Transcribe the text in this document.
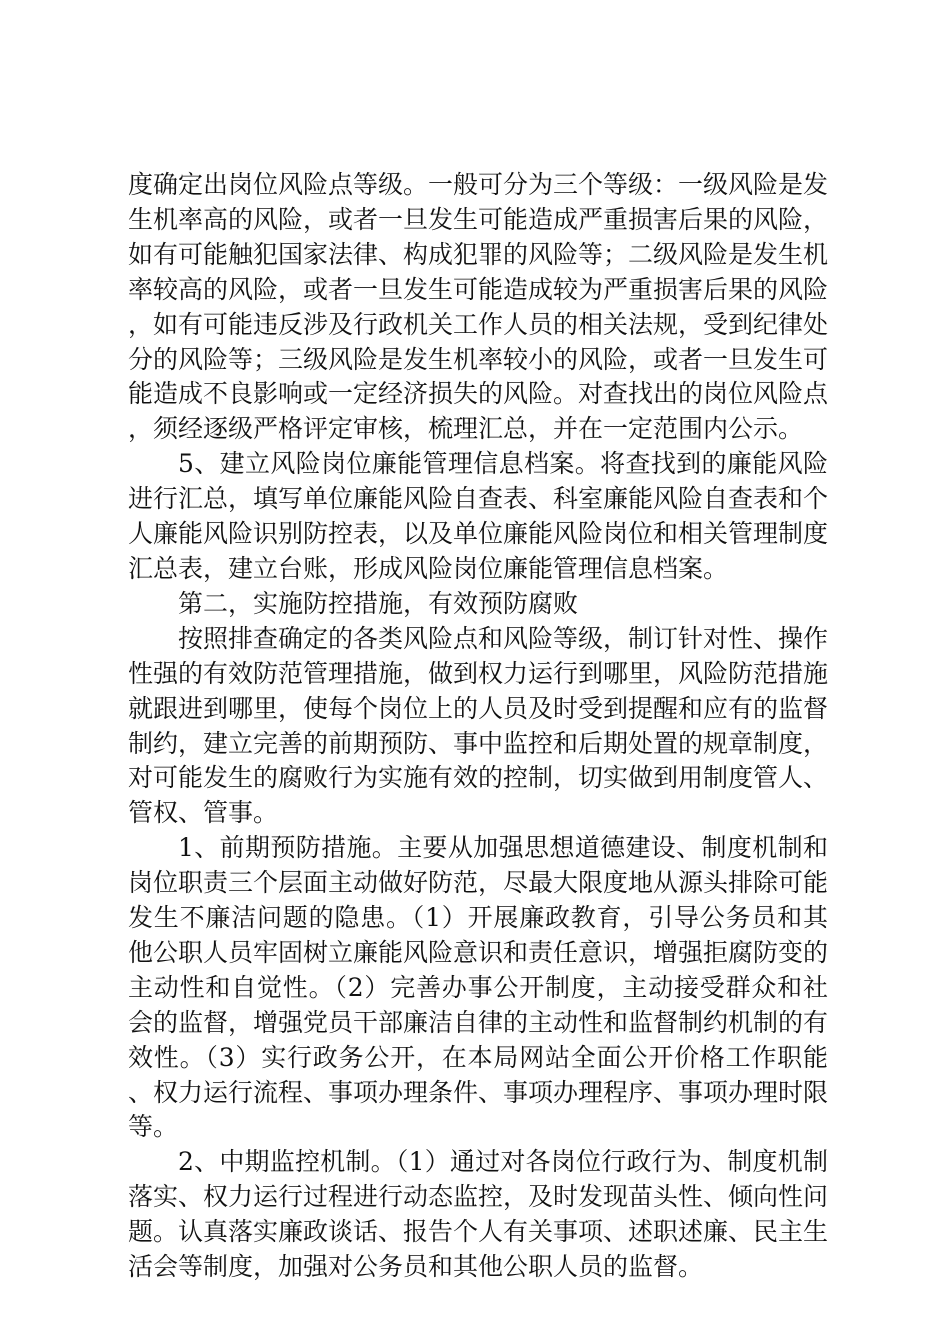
度确定出岗位风险点等级。一般可分为三个等级：一级风险是发生机率高的风险，或者一旦发生可能造成严重损害后果的风险，如有可能触犯国家法律、构成犯罪的风险等；二级风险是发生机率较高的风险，或者一旦发生可能造成较为严重损害后果的风险，如有可能违反涉及行政机关工作人员的相关法规，受到纪律处分的风险等；三级风险是发生机率较小的风险，或者一旦发生可能造成不良影响或一定经济损失的风险。对查找出的岗位风险点，须经逐级严格评定审核，梳理汇总，并在一定范围内公示。

5、建立风险岗位廉能管理信息档案。将查找到的廉能风险进行汇总，填写单位廉能风险自查表、科室廉能风险自查表和个人廉能风险识别防控表，以及单位廉能风险岗位和相关管理制度汇总表，建立台账，形成风险岗位廉能管理信息档案。

第二，实施防控措施，有效预防腐败

按照排查确定的各类风险点和风险等级，制订针对性、操作性强的有效防范管理措施，做到权力运行到哪里，风险防范措施就跟进到哪里，使每个岗位上的人员及时受到提醒和应有的监督制约，建立完善的前期预防、事中监控和后期处置的规章制度，对可能发生的腐败行为实施有效的控制，切实做到用制度管人、管权、管事。

1、前期预防措施。主要从加强思想道德建设、制度机制和岗位职责三个层面主动做好防范，尽最大限度地从源头排除可能发生不廉洁问题的隐患。（1）开展廉政教育，引导公务员和其他公职人员牢固树立廉能风险意识和责任意识，增强拒腐防变的主动性和自觉性。（2）完善办事公开制度，主动接受群众和社会的监督，增强党员干部廉洁自律的主动性和监督制约机制的有效性。（3）实行政务公开，在本局网站全面公开价格工作职能、权力运行流程、事项办理条件、事项办理程序、事项办理时限等。

2、中期监控机制。（1）通过对各岗位行政行为、制度机制落实、权力运行过程进行动态监控，及时发现苗头性、倾向性问题。认真落实廉政谈话、报告个人有关事项、述职述廉、民主生活会等制度，加强对公务员和其他公职人员的监督。
